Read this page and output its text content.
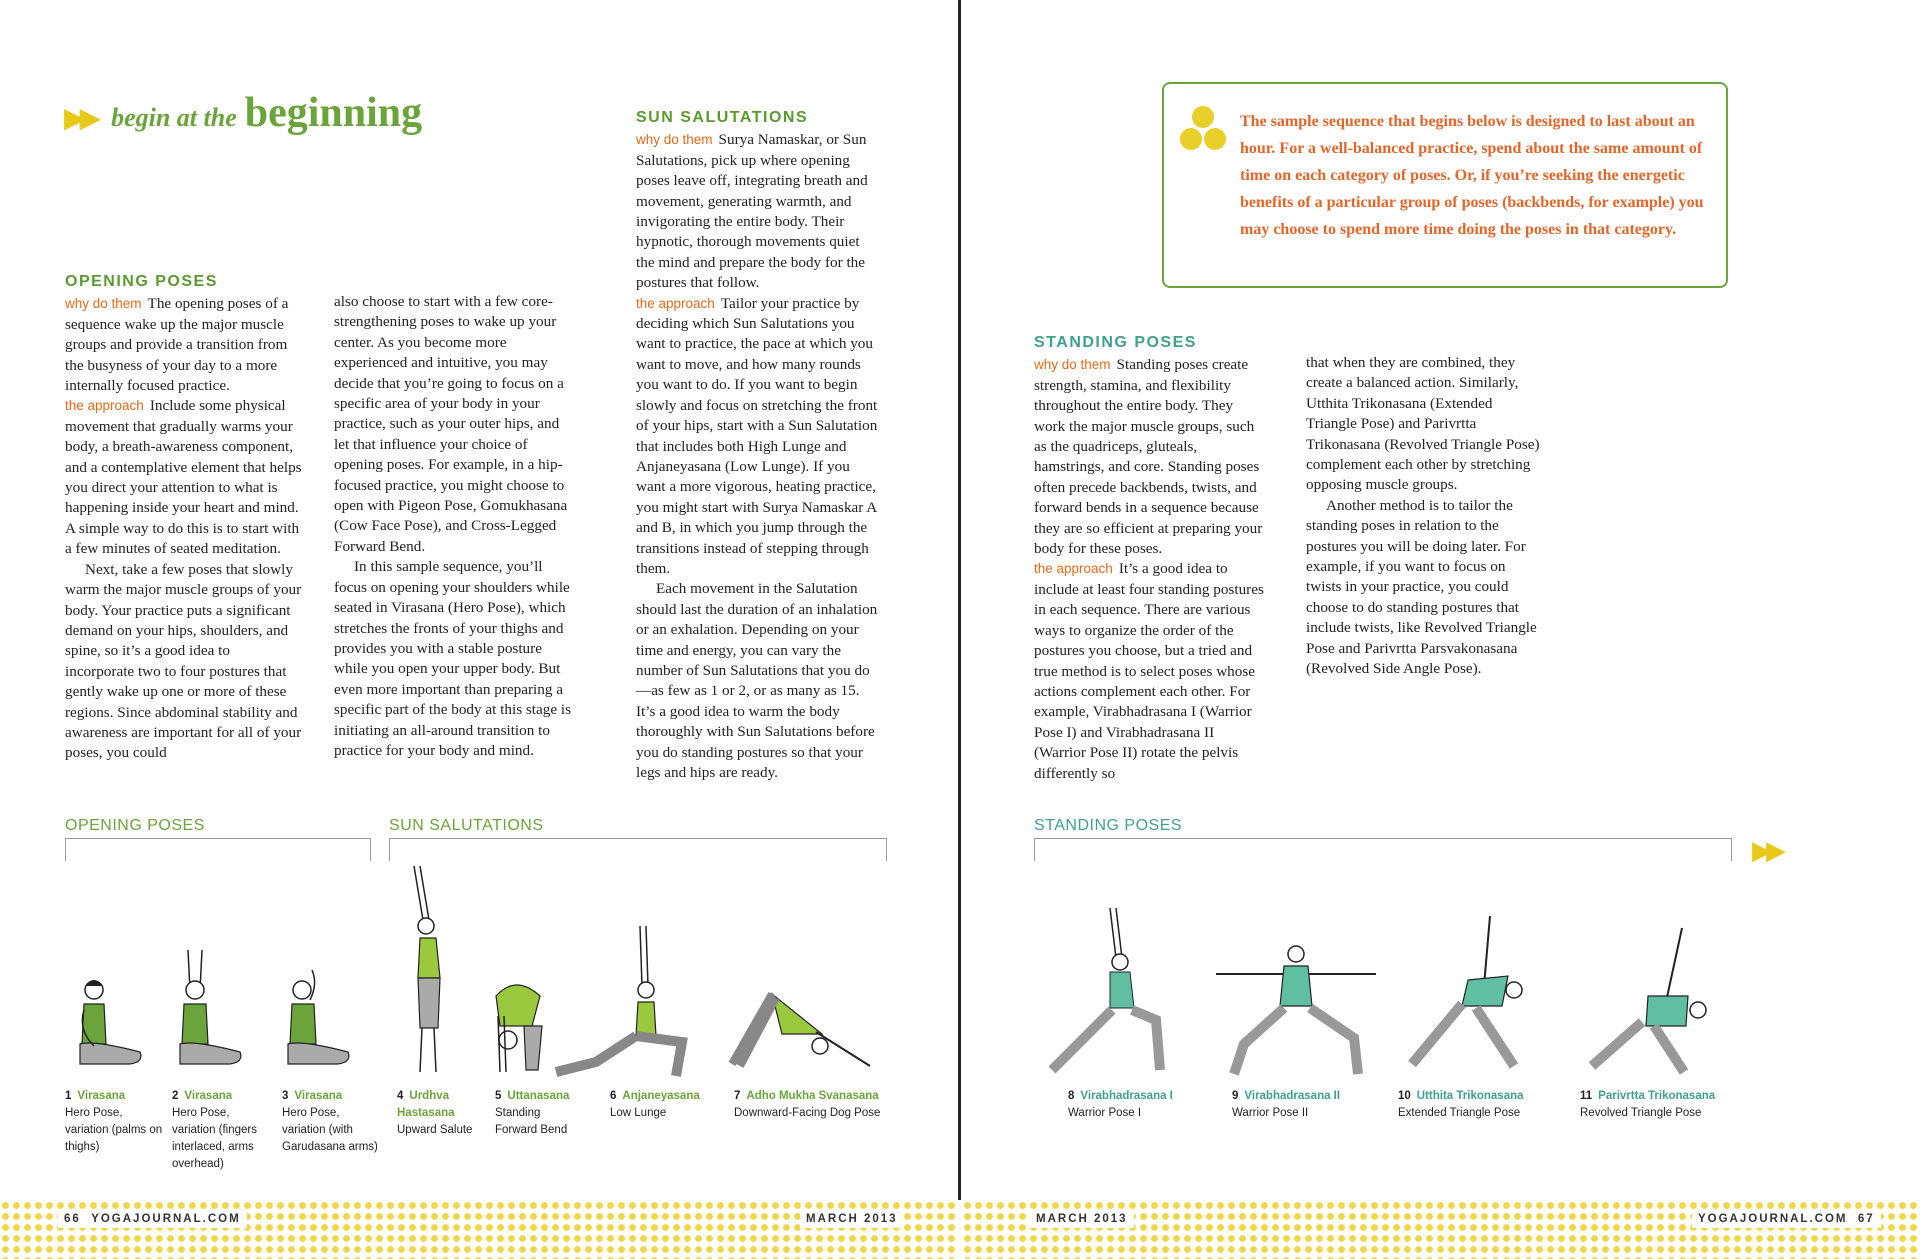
▶▶ begin at the beginning
OPENING POSES

why do them The opening poses of a sequence wake up the major muscle groups and provide a transition from the busyness of your day to a more internally focused practice.

the approach Include some physical movement that gradually warms your body, a breath-awareness component, and a contemplative element that helps you direct your attention to what is happening inside your heart and mind. A simple way to do this is to start with a few minutes of seated meditation.

Next, take a few poses that slowly warm the major muscle groups of your body. Your practice puts a significant demand on your hips, shoulders, and spine, so it’s a good idea to incorporate two to four postures that gently wake up one or more of these regions. Since abdominal stability and awareness are important for all of your poses, you could

also choose to start with a few core-strengthening poses to wake up your center. As you become more experienced and intuitive, you may decide that you’re going to focus on a specific area of your body in your practice, such as your outer hips, and let that influence your choice of opening poses. For example, in a hip-focused practice, you might choose to open with Pigeon Pose, Gomukhasana (Cow Face Pose), and Cross-Legged Forward Bend.

In this sample sequence, you’ll focus on opening your shoulders while seated in Virasana (Hero Pose), which stretches the fronts of your thighs and provides you with a stable posture while you open your upper body. But even more important than preparing a specific part of the body at this stage is initiating an all-around transition to practice for your body and mind.

SUN SALUTATIONS

why do them Surya Namaskar, or Sun Salutations, pick up where opening poses leave off, integrating breath and movement, generating warmth, and invigorating the entire body. Their hypnotic, thorough movements quiet the mind and prepare the body for the postures that follow.

the approach Tailor your practice by deciding which Sun Salutations you want to practice, the pace at which you want to move, and how many rounds you want to do. If you want to begin slowly and focus on stretching the front of your hips, start with a Sun Salutation that includes both High Lunge and Anjaneyasana (Low Lunge). If you want a more vigorous, heating practice, you might start with Surya Namaskar A and B, in which you jump through the transitions instead of stepping through them.

Each movement in the Salutation should last the duration of an inhalation or an exhalation. Depending on your time and energy, you can vary the number of Sun Salutations that you do—as few as 1 or 2, or as many as 15. It’s a good idea to warm the body thoroughly with Sun Salutations before you do standing postures so that your legs and hips are ready.

The sample sequence that begins below is designed to last about an hour. For a well-balanced practice, spend about the same amount of time on each category of poses. Or, if you’re seeking the energetic benefits of a particular group of poses (backbends, for example) you may choose to spend more time doing the poses in that category.
STANDING POSES

why do them Standing poses create strength, stamina, and flexibility throughout the entire body. They work the major muscle groups, such as the quadriceps, gluteals, hamstrings, and core. Standing poses often precede backbends, twists, and forward bends in a sequence because they are so efficient at preparing your body for these poses.

the approach It’s a good idea to include at least four standing postures in each sequence. There are various ways to organize the order of the postures you choose, but a tried and true method is to select poses whose actions complement each other. For example, Virabhadrasana I (Warrior Pose I) and Virabhadrasana II (Warrior Pose II) rotate the pelvis differently so

that when they are combined, they create a balanced action. Similarly, Utthita Trikonasana (Extended Triangle Pose) and Parivrtta Trikonasana (Revolved Triangle Pose) complement each other by stretching opposing muscle groups.

Another method is to tailor the standing poses in relation to the postures you will be doing later. For example, if you want to focus on twists in your practice, you could choose to do standing postures that include twists, like Revolved Triangle Pose and Parivrtta Parsvakonasana (Revolved Side Angle Pose).

OPENING POSES	SUN SALUTATIONS	STANDING POSES
▶▶
1 Virasana
Hero Pose, variation (palms on thighs)
2 Virasana
Hero Pose, variation (fingers interlaced, arms overhead)
3 Virasana
Hero Pose, variation (with Garudasana arms)
4 Urdhva Hastasana
Upward Salute
5 Uttanasana
Standing Forward Bend
6 Anjaneyasana
Low Lunge
7 Adho Mukha Svanasana
Downward-Facing Dog Pose
8 Virabhadrasana I
Warrior Pose I
9 Virabhadrasana II
Warrior Pose II
10 Utthita Trikonasana
Extended Triangle Pose
11 Parivrtta Trikonasana
Revolved Triangle Pose
66 YOGAJOURNAL.COM	MARCH 2013	MARCH 2013	YOGAJOURNAL.COM 67
